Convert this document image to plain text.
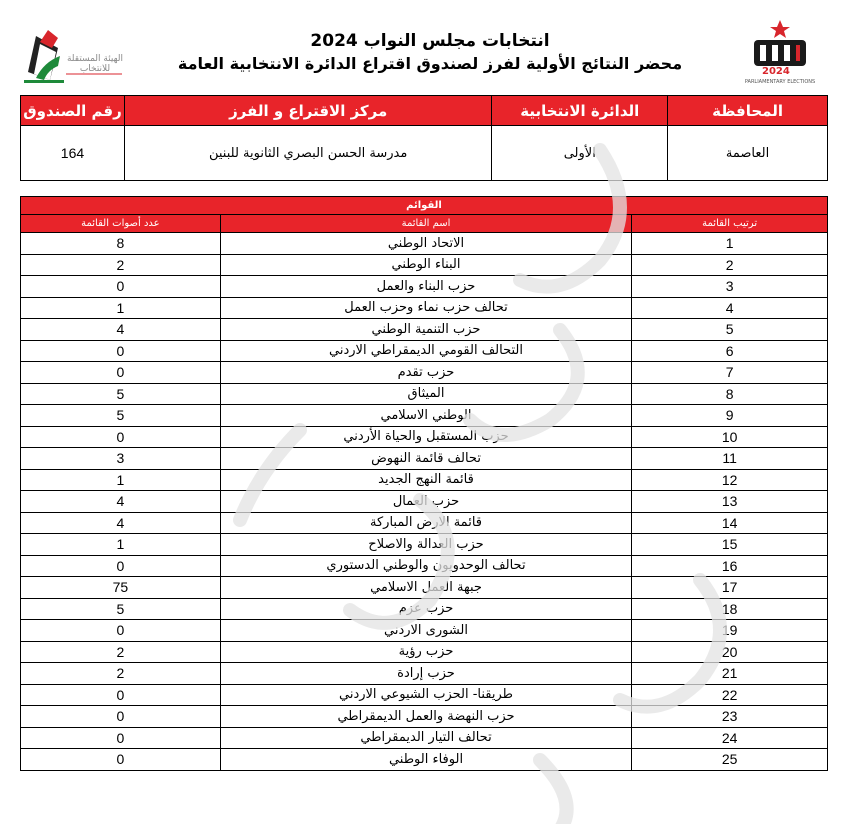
الهيئة المستقلة للانتخاب	2024
PARLIAMENTARY ELECTIONS
انتخابات مجلس النواب 2024
محضر النتائج الأولية لفرز لصندوق اقتراع الدائرة الانتخابية العامة
المحافظة	الدائرة الانتخابية	مركز الاقتراع و الفرز	رقم الصندوق
العاصمة	الأولى	مدرسة الحسن البصري الثانوية للبنين	164
القوائم		
ترتيب القائمة	اسم القائمة	عدد أصوات القائمة
1	الاتحاد الوطني	8
2	البناء الوطني	2
3	حزب البناء والعمل	0
4	تحالف حزب نماء وحزب العمل	1
5	حزب التنمية الوطني	4
6	التحالف القومي الديمقراطي الاردني	0
7	حزب تقدم	0
8	الميثاق	5
9	الوطني الاسلامي	5
10	حزب المستقبل والحياة الأردني	0
11	تحالف قائمة النهوض	3
12	قائمة النهج الجديد	1
13	حزب العمال	4
14	قائمة الارض المباركة	4
15	حزب العدالة والاصلاح	1
16	تحالف الوحدويون والوطني الدستوري	0
17	جبهة العمل الاسلامي	75
18	حزب عزم	5
19	الشورى الاردني	0
20	حزب رؤية	2
21	حزب إرادة	2
22	طريقنا- الحزب الشيوعي الاردني	0
23	حزب النهضة والعمل الديمقراطي	0
24	تحالف التيار الديمقراطي	0
25	الوفاء الوطني	0
